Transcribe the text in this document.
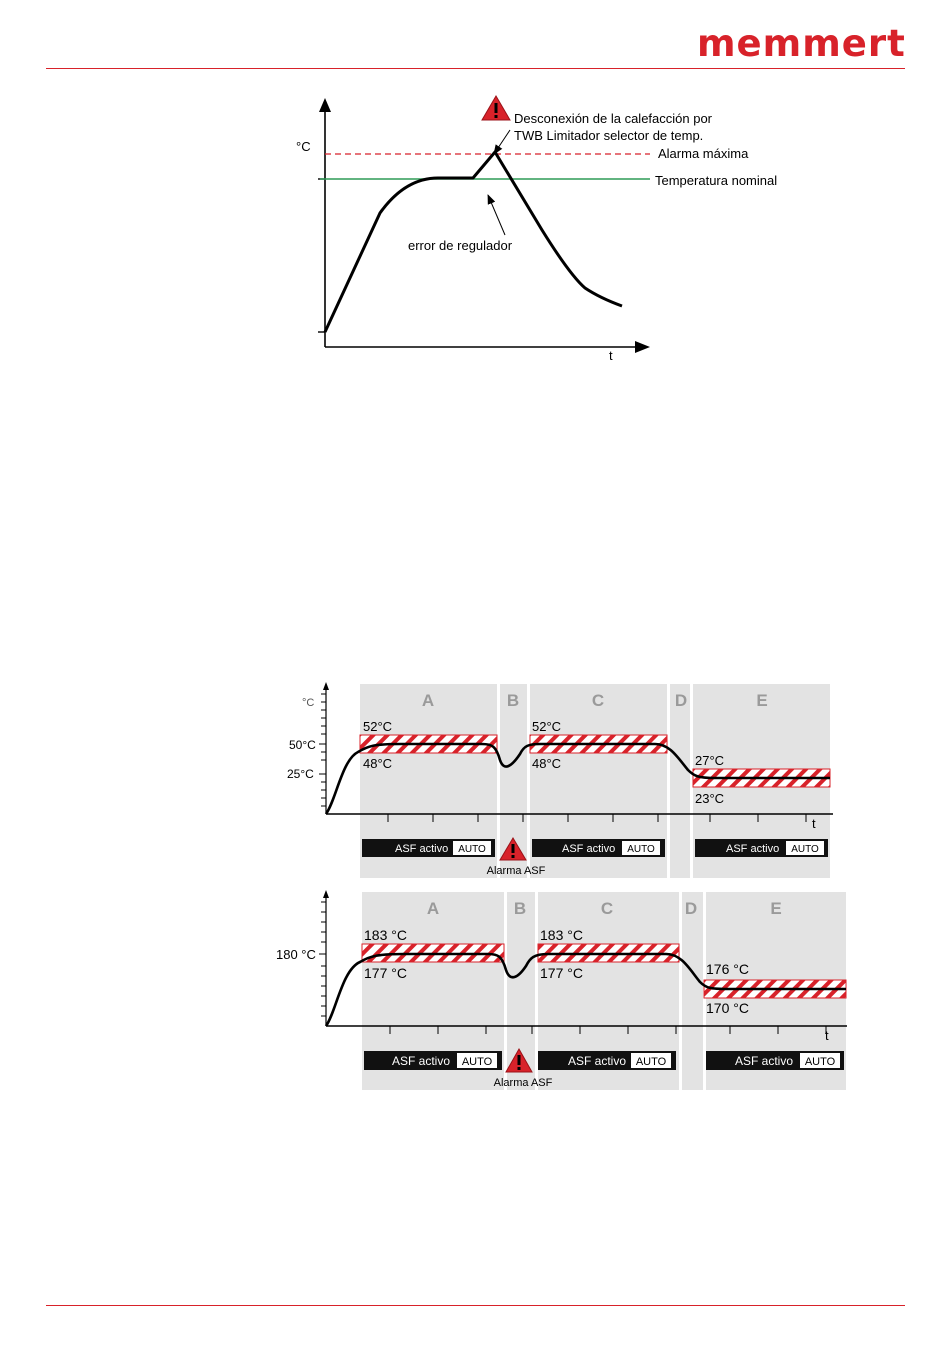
memmert
°C
t
Alarma máxima
Temperatura nominal
Desconexión de la calefacción por
TWB Limitador selector de temp.
error de regulador
A	B	C	D	E
°C
50°C
25°C
t
52°C
48°C
52°C
48°C	27°C
23°C
ASF activo AUTO	ASF activo AUTO	ASF activo AUTO
Alarma ASF
A	B	C	D	E
180 °C
t
183 °C
177 °C
183 °C
177 °C	176 °C
170 °C
ASF activo AUTO	ASF activo AUTO	ASF activo AUTO
Alarma ASF
